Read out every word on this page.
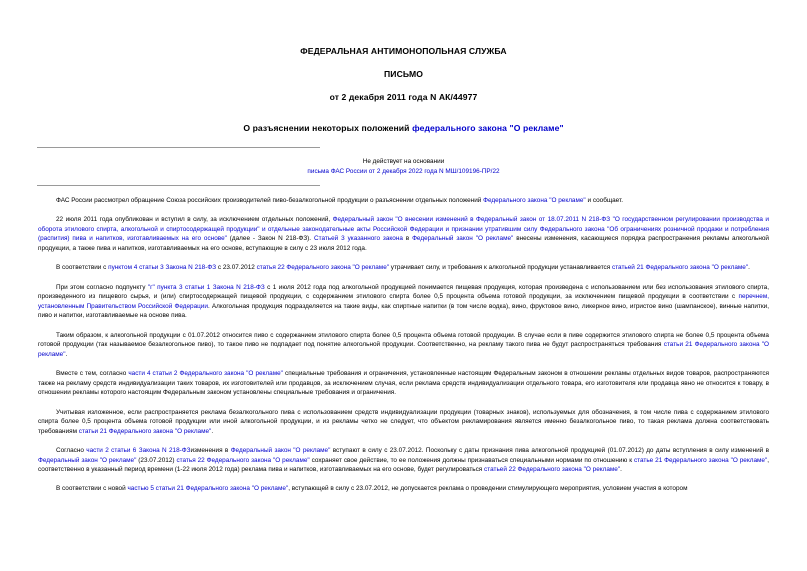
ФЕДЕРАЛЬНАЯ АНТИМОНОПОЛЬНАЯ СЛУЖБА
ПИСЬМО
от 2 декабря 2011 года N АК/44977
О разъяснении некоторых положений федерального закона "О рекламе"
Не действует на основании
письма ФАС России от 2 декабря 2022 года N МШ/109196-ПР/22

ФАС России рассмотрел обращение Союза российских производителей пиво-безалкогольной продукции о разъяснении отдельных положений Федерального закона "О рекламе" и сообщает.

22 июля 2011 года опубликован и вступил в силу, за исключением отдельных положений, Федеральный закон "О внесении изменений в Федеральный закон от 18.07.2011 N 218-ФЗ "О государственном регулировании производства и оборота этилового спирта, алкогольной и спиртосодержащей продукции" и отдельные законодательные акты Российской Федерации и признании утратившим силу Федерального закона "Об ограничениях розничной продажи и потребления (распития) пива и напитков, изготавливаемых на его основе" (далее - Закон N 218-ФЗ). Статьей 3 указанного закона в Федеральный закон "О рекламе" внесены изменения, касающиеся порядка распространения рекламы алкогольной продукции, а также пива и напитков, изготавливаемых на его основе, вступающие в силу с 23 июля 2012 года.

В соответствии с пунктом 4 статьи 3 Закона N 218-ФЗ с 23.07.2012 статья 22 Федерального закона "О рекламе" утрачивает силу, и требования к алкогольной продукции устанавливается статьей 21 Федерального закона "О рекламе".

При этом согласно подпункту "г" пункта 3 статьи 1 Закона N 218-ФЗ с 1 июля 2012 года под алкогольной продукцией понимается пищевая продукция, которая произведена с использованием или без использования этилового спирта, произведенного из пищевого сырья, и (или) спиртосодержащей пищевой продукции, с содержанием этилового спирта более 0,5 процента объема готовой продукции, за исключением пищевой продукции в соответствии с перечнем, установленным Правительством Российской Федерации. Алкогольная продукция подразделяется на такие виды, как спиртные напитки (в том числе водка), вино, фруктовое вино, ликерное вино, игристое вино (шампанское), винные напитки, пиво и напитки, изготавливаемые на основе пива.

Таким образом, к алкогольной продукции с 01.07.2012 относится пиво с содержанием этилового спирта более 0,5 процента объема готовой продукции. В случае если в пиве содержится этилового спирта не более 0,5 процента объема готовой продукции (так называемое безалкогольное пиво), то такое пиво не подпадает под понятие алкогольной продукции. Соответственно, на рекламу такого пива не будут распространяться требования статьи 21 Федерального закона "О рекламе".

Вместе с тем, согласно части 4 статьи 2 Федерального закона "О рекламе" специальные требования и ограничения, установленные настоящим Федеральным законом в отношении рекламы отдельных видов товаров, распространяются также на рекламу средств индивидуализации таких товаров, их изготовителей или продавцов, за исключением случая, если реклама средств индивидуализации отдельного товара, его изготовителя или продавца явно не относится к товару, в отношении рекламы которого настоящим Федеральным законом установлены специальные требования и ограничения.

Учитывая изложенное, если распространяется реклама безалкогольного пива с использованием средств индивидуализации продукции (товарных знаков), используемых для обозначения, в том числе пива с содержанием этилового спирта более 0,5 процента объема готовой продукции или иной алкогольной продукции, и из рекламы четко не следует, что объектом рекламирования является именно безалкогольное пиво, то такая реклама должна соответствовать требованиям статьи 21 Федерального закона "О рекламе".

Согласно части 2 статьи 6 Закона N 218-ФЗизменения в Федеральный закон "О рекламе" вступают в силу с 23.07.2012. Поскольку с даты признания пива алкогольной продукцией (01.07.2012) до даты вступления в силу изменений в Федеральный закон "О рекламе" (23.07.2012) статья 22 Федерального закона "О рекламе" сохраняет свое действие, то ее положения должны признаваться специальными нормами по отношению к статье 21 Федерального закона "О рекламе", соответственно в указанный период времени (1-22 июля 2012 года) реклама пива и напитков, изготавливаемых на его основе, будет регулироваться статьей 22 Федерального закона "О рекламе".

В соответствии с новой частью 5 статьи 21 Федерального закона "О рекламе", вступающей в силу с 23.07.2012, не допускается реклама о проведении стимулирующего мероприятия, условием участия в котором
